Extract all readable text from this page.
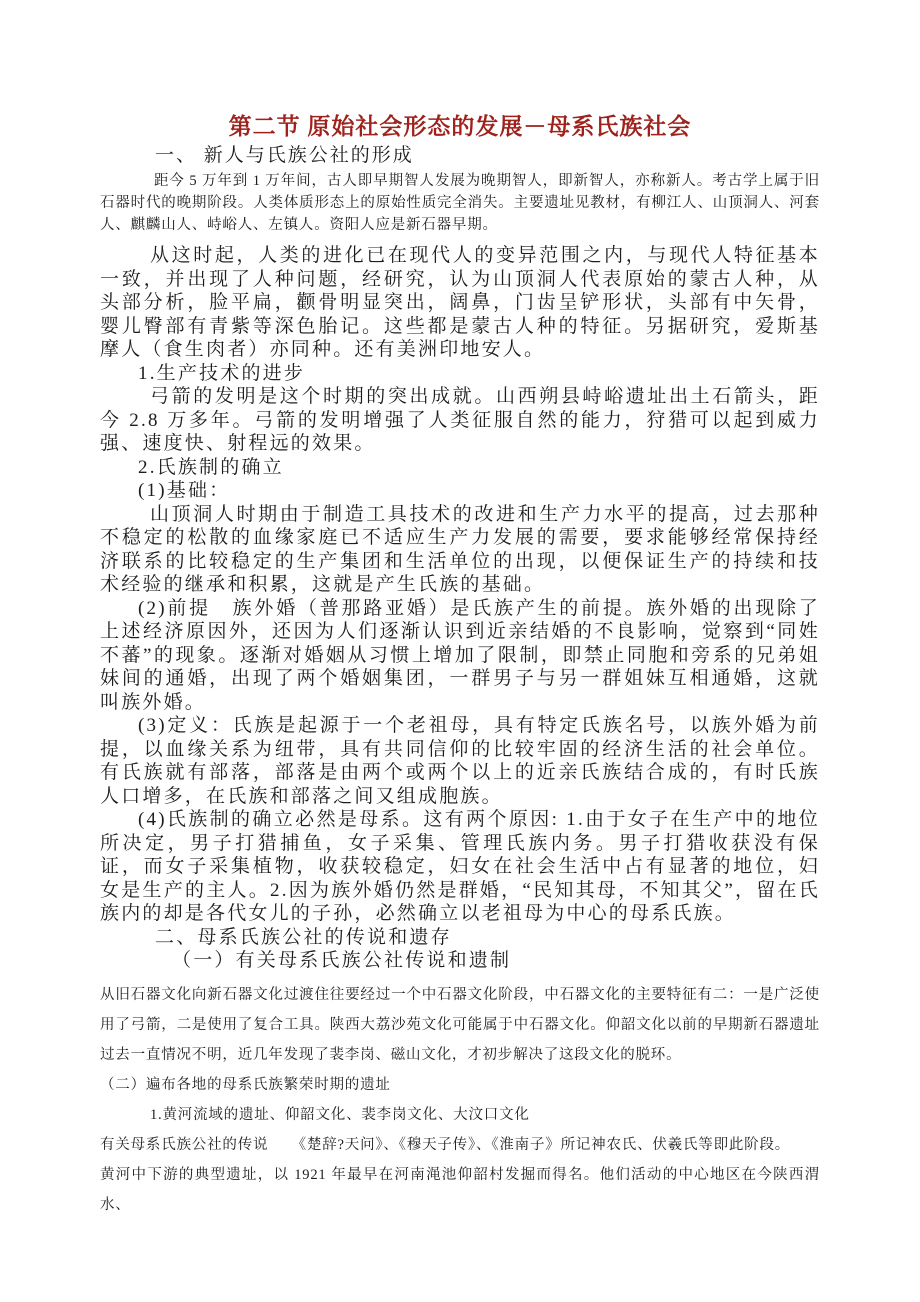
第二节 原始社会形态的发展－母系氏族社会

一、 新人与氏族公社的形成

距今 5 万年到 1 万年间，古人即早期智人发展为晚期智人，即新智人，亦称新人。考古学上属于旧石器时代的晚期阶段。人类体质形态上的原始性质完全消失。主要遗址见教材，有柳江人、山顶洞人、河套人、麒麟山人、峙峪人、左镇人。资阳人应是新石器早期。

从这时起，人类的进化已在现代人的变异范围之内，与现代人特征基本一致，并出现了人种问题，经研究，认为山顶洞人代表原始的蒙古人种，从头部分析，脸平扁，颧骨明显突出，阔鼻，门齿呈铲形状，头部有中矢骨，婴儿臀部有青紫等深色胎记。这些都是蒙古人种的特征。另据研究，爱斯基摩人（食生肉者）亦同种。还有美洲印地安人。

1.生产技术的进步

弓箭的发明是这个时期的突出成就。山西朔县峙峪遗址出土石箭头，距今 2.8 万多年。弓箭的发明增强了人类征服自然的能力，狩猎可以起到威力强、速度快、射程远的效果。

2.氏族制的确立

(1)基础：

山顶洞人时期由于制造工具技术的改进和生产力水平的提高，过去那种不稳定的松散的血缘家庭已不适应生产力发展的需要，要求能够经常保持经济联系的比较稳定的生产集团和生活单位的出现，以便保证生产的持续和技术经验的继承和积累，这就是产生氏族的基础。

(2)前提　族外婚（普那路亚婚）是氏族产生的前提。族外婚的出现除了上述经济原因外，还因为人们逐渐认识到近亲结婚的不良影响，觉察到“同姓不蕃”的现象。逐渐对婚姻从习惯上增加了限制，即禁止同胞和旁系的兄弟姐妹间的通婚，出现了两个婚姻集团，一群男子与另一群姐妹互相通婚，这就叫族外婚。

(3)定义：氏族是起源于一个老祖母，具有特定氏族名号，以族外婚为前提，以血缘关系为纽带，具有共同信仰的比较牢固的经济生活的社会单位。有氏族就有部落，部落是由两个或两个以上的近亲氏族结合成的，有时氏族人口增多，在氏族和部落之间又组成胞族。

(4)氏族制的确立必然是母系。这有两个原因: 1.由于女子在生产中的地位所决定，男子打猎捕鱼，女子采集、管理氏族内务。男子打猎收获没有保证，而女子采集植物，收获较稳定，妇女在社会生活中占有显著的地位，妇女是生产的主人。2.因为族外婚仍然是群婚，“民知其母，不知其父”，留在氏族内的却是各代女儿的子孙，必然确立以老祖母为中心的母系氏族。

二、母系氏族公社的传说和遗存

（一）有关母系氏族公社传说和遗制

从旧石器文化向新石器文化过渡住往要经过一个中石器文化阶段，中石器文化的主要特征有二：一是广泛使用了弓箭，二是使用了复合工具。陕西大荔沙苑文化可能属于中石器文化。仰韶文化以前的早期新石器遗址过去一直情况不明，近几年发现了裴李岗、磁山文化，才初步解决了这段文化的脱环。

（二）遍布各地的母系氏族繁荣时期的遗址

1.黄河流域的遗址、仰韶文化、裴李岗文化、大汶口文化

有关母系氏族公社的传说　　《楚辞?天问》、《穆天子传》、《淮南子》所记神农氏、伏羲氏等即此阶段。

黄河中下游的典型遗址，以 1921 年最早在河南渑池仰韶村发掘而得名。他们活动的中心地区在今陕西渭水、
